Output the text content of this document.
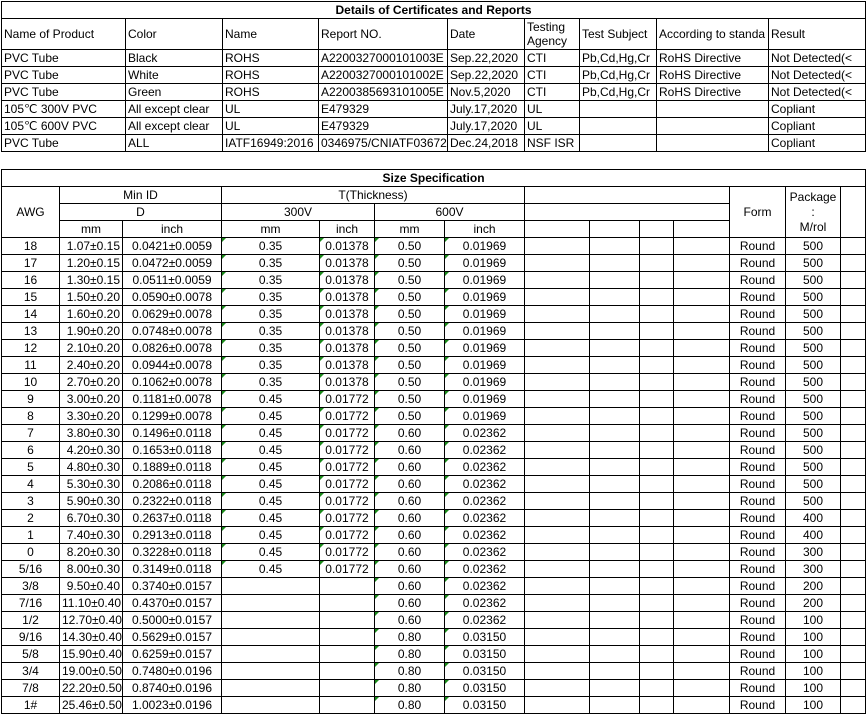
Details of Certificates and Reports								
Name of Product	Color	Name	Report NO.	Date	Testing Agency	Test Subject	According to standa	Result
PVC Tube	Black	ROHS	A2200327000101003E	Sep.22,2020	CTI	Pb,Cd,Hg,Cr	RoHS Directive	Not Detected(<
PVC Tube	White	ROHS	A2200327000101002E	Sep.22,2020	CTI	Pb,Cd,Hg,Cr	RoHS Directive	Not Detected(<
PVC Tube	Green	ROHS	A2200385693101005E	Nov.5,2020	CTI	Pb,Cd,Hg,Cr	RoHS Directive	Not Detected(<
105℃ 300V PVC	All except clear	UL	E479329	July.17,2020	UL			Copliant
105℃ 600V PVC	All except clear	UL	E479329	July.17,2020	UL			Copliant
PVC Tube	ALL	IATF16949:2016	0346975/CNIATF03672	Dec.24,2018	NSF ISR			Copliant
Size Specification													
AWG	Min ID		T(Thickness)								Form	Package
:
M/rol	

	D		300V		600V								
	mm	inch	mm	inch	mm	inch							
18	1.07±0.15	0.0421±0.0059	0.35	0.01378	0.50	0.01969					Round	500	
17	1.20±0.15	0.0472±0.0059	0.35	0.01378	0.50	0.01969					Round	500	
16	1.30±0.15	0.0511±0.0059	0.35	0.01378	0.50	0.01969					Round	500	
15	1.50±0.20	0.0590±0.0078	0.35	0.01378	0.50	0.01969					Round	500	
14	1.60±0.20	0.0629±0.0078	0.35	0.01378	0.50	0.01969					Round	500	
13	1.90±0.20	0.0748±0.0078	0.35	0.01378	0.50	0.01969					Round	500	
12	2.10±0.20	0.0826±0.0078	0.35	0.01378	0.50	0.01969					Round	500	
11	2.40±0.20	0.0944±0.0078	0.35	0.01378	0.50	0.01969					Round	500	
10	2.70±0.20	0.1062±0.0078	0.35	0.01378	0.50	0.01969					Round	500	
9	3.00±0.20	0.1181±0.0078	0.45	0.01772	0.50	0.01969					Round	500	
8	3.30±0.20	0.1299±0.0078	0.45	0.01772	0.50	0.01969					Round	500	
7	3.80±0.30	0.1496±0.0118	0.45	0.01772	0.60	0.02362					Round	500	
6	4.20±0.30	0.1653±0.0118	0.45	0.01772	0.60	0.02362					Round	500	
5	4.80±0.30	0.1889±0.0118	0.45	0.01772	0.60	0.02362					Round	500	
4	5.30±0.30	0.2086±0.0118	0.45	0.01772	0.60	0.02362					Round	500	
3	5.90±0.30	0.2322±0.0118	0.45	0.01772	0.60	0.02362					Round	500	
2	6.70±0.30	0.2637±0.0118	0.45	0.01772	0.60	0.02362					Round	400	
1	7.40±0.30	0.2913±0.0118	0.45	0.01772	0.60	0.02362					Round	400	
0	8.20±0.30	0.3228±0.0118	0.45	0.01772	0.60	0.02362					Round	300	
5/16	8.00±0.30	0.3149±0.0118	0.45	0.01772	0.60	0.02362					Round	300	
3/8	9.50±0.40	0.3740±0.0157			0.60	0.02362					Round	200	
7/16	11.10±0.40	0.4370±0.0157			0.60	0.02362					Round	200	
1/2	12.70±0.40	0.5000±0.0157			0.60	0.02362					Round	100	
9/16	14.30±0.40	0.5629±0.0157			0.80	0.03150					Round	100	
5/8	15.90±0.40	0.6259±0.0157			0.80	0.03150					Round	100	
3/4	19.00±0.50	0.7480±0.0196			0.80	0.03150					Round	100	
7/8	22.20±0.50	0.8740±0.0196			0.80	0.03150					Round	100	
1#	25.46±0.50	1.0023±0.0196			0.80	0.03150					Round	100	
